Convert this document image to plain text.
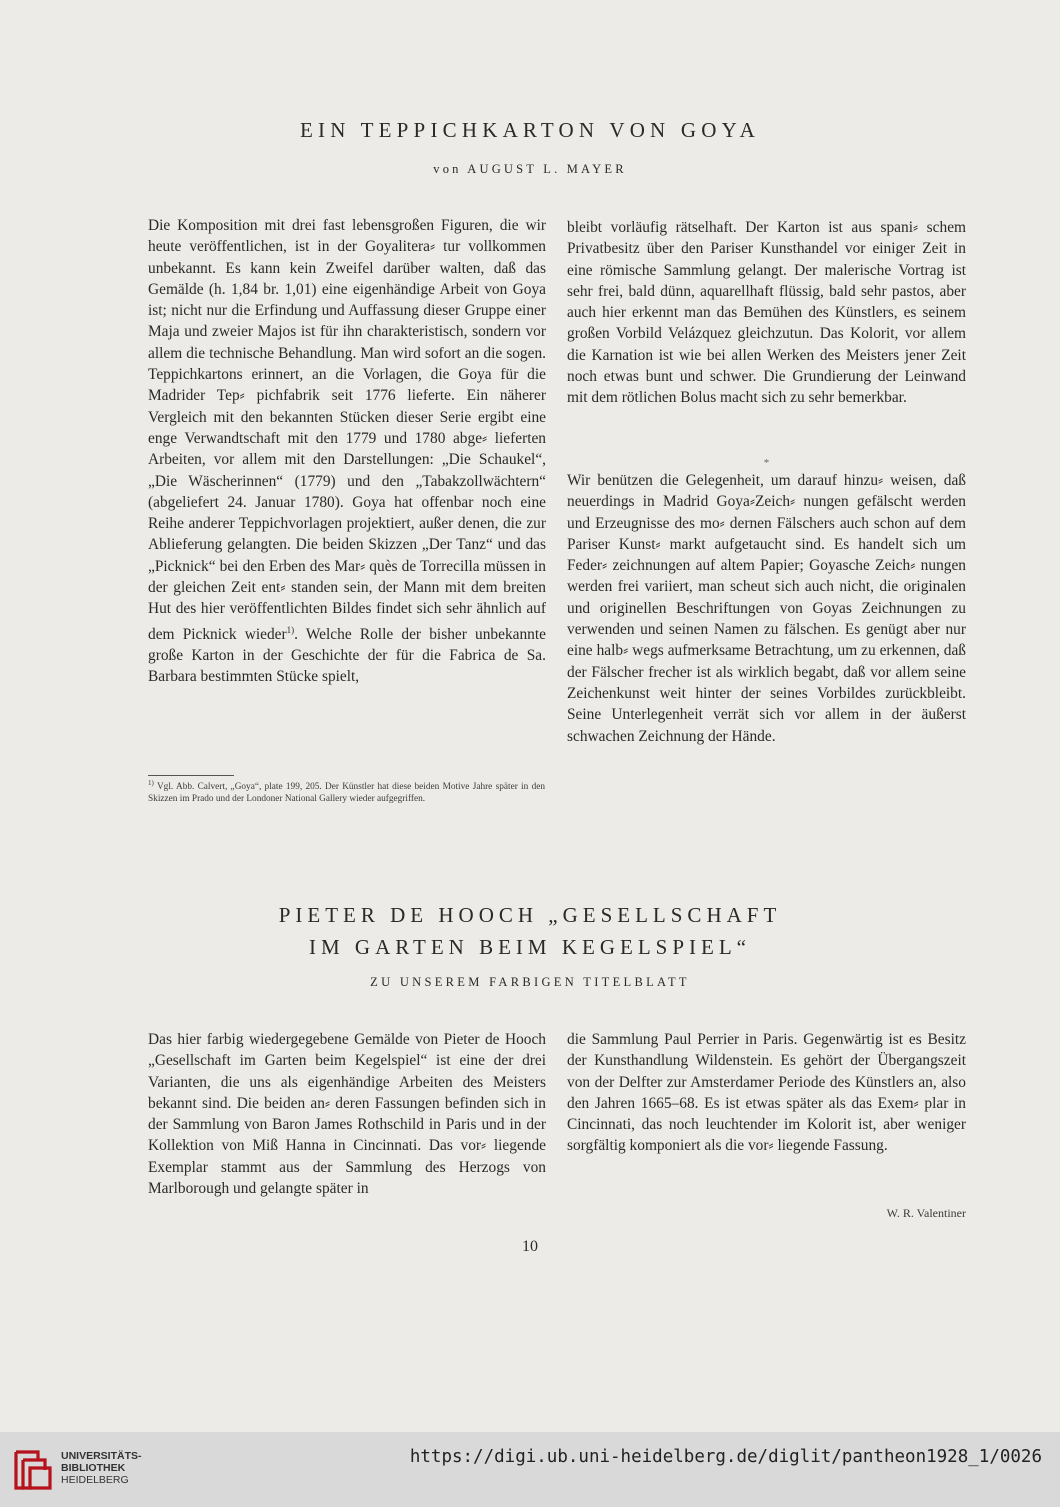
EIN TEPPICHKARTON VON GOYA
von AUGUST L. MAYER

Die Komposition mit drei fast lebensgroßen Figuren, die wir heute veröffentlichen, ist in der Goyalitera⸗ tur vollkommen unbekannt. Es kann kein Zweifel darüber walten, daß das Gemälde (h. 1,84 br. 1,01) eine eigenhändige Arbeit von Goya ist; nicht nur die Erfindung und Auffassung dieser Gruppe einer Maja und zweier Majos ist für ihn charakteristisch, sondern vor allem die technische Behandlung. Man wird sofort an die sogen. Teppichkartons erinnert, an die Vorlagen, die Goya für die Madrider Tep⸗ pichfabrik seit 1776 lieferte. Ein näherer Vergleich mit den bekannten Stücken dieser Serie ergibt eine enge Verwandtschaft mit den 1779 und 1780 abge⸗ lieferten Arbeiten, vor allem mit den Darstellungen: „Die Schaukel“, „Die Wäscherinnen“ (1779) und den „Tabakzollwächtern“ (abgeliefert 24. Januar 1780). Goya hat offenbar noch eine Reihe anderer Teppichvorlagen projektiert, außer denen, die zur Ablieferung gelangten. Die beiden Skizzen „Der Tanz“ und das „Picknick“ bei den Erben des Mar⸗ quès de Torrecilla müssen in der gleichen Zeit ent⸗ standen sein, der Mann mit dem breiten Hut des hier veröffentlichten Bildes findet sich sehr ähnlich auf dem Picknick wieder$^{1)}$. Welche Rolle der bisher unbekannte große Karton in der Geschichte der für die Fabrica de Sa. Barbara bestimmten Stücke spielt,

$^{1)}$ Vgl. Abb. Calvert, „Goya“, plate 199, 205. Der Künstler hat diese beiden Motive Jahre später in den Skizzen im Prado und der Londoner National Gallery wieder aufgegriffen.

bleibt vorläufig rätselhaft. Der Karton ist aus spani⸗ schem Privatbesitz über den Pariser Kunsthandel vor einiger Zeit in eine römische Sammlung gelangt. Der malerische Vortrag ist sehr frei, bald dünn, aquarellhaft flüssig, bald sehr pastos, aber auch hier erkennt man das Bemühen des Künstlers, es seinem großen Vorbild Velázquez gleichzutun. Das Kolorit, vor allem die Karnation ist wie bei allen Werken des Meisters jener Zeit noch etwas bunt und schwer. Die Grundierung der Leinwand mit dem rötlichen Bolus macht sich zu sehr bemerkbar.

*

Wir benützen die Gelegenheit, um darauf hinzu⸗ weisen, daß neuerdings in Madrid Goya⸗Zeich⸗ nungen gefälscht werden und Erzeugnisse des mo⸗ dernen Fälschers auch schon auf dem Pariser Kunst⸗ markt aufgetaucht sind. Es handelt sich um Feder⸗ zeichnungen auf altem Papier; Goyasche Zeich⸗ nungen werden frei variiert, man scheut sich auch nicht, die originalen und originellen Beschriftungen von Goyas Zeichnungen zu verwenden und seinen Namen zu fälschen. Es genügt aber nur eine halb⸗ wegs aufmerksame Betrachtung, um zu erkennen, daß der Fälscher frecher ist als wirklich begabt, daß vor allem seine Zeichenkunst weit hinter der seines Vorbildes zurückbleibt. Seine Unterlegenheit verrät sich vor allem in der äußerst schwachen Zeichnung der Hände.

PIETER DE HOOCH „GESELLSCHAFT
IM GARTEN BEIM KEGELSPIEL“
ZU UNSEREM FARBIGEN TITELBLATT

Das hier farbig wiedergegebene Gemälde von Pieter de Hooch „Gesellschaft im Garten beim Kegelspiel“ ist eine der drei Varianten, die uns als eigenhändige Arbeiten des Meisters bekannt sind. Die beiden an⸗ deren Fassungen befinden sich in der Sammlung von Baron James Rothschild in Paris und in der Kollektion von Miß Hanna in Cincinnati. Das vor⸗ liegende Exemplar stammt aus der Sammlung des Herzogs von Marlborough und gelangte später in

die Sammlung Paul Perrier in Paris. Gegenwärtig ist es Besitz der Kunsthandlung Wildenstein. Es gehört der Übergangszeit von der Delfter zur Amsterdamer Periode des Künstlers an, also den Jahren 1665–68. Es ist etwas später als das Exem⸗ plar in Cincinnati, das noch leuchtender im Kolorit ist, aber weniger sorgfältig komponiert als die vor⸗ liegende Fassung.

W. R. Valentiner
10
UNIVERSITÄTS-
BIBLIOTHEK
HEIDELBERG
https://digi.ub.uni-heidelberg.de/diglit/pantheon1928_1/0026
